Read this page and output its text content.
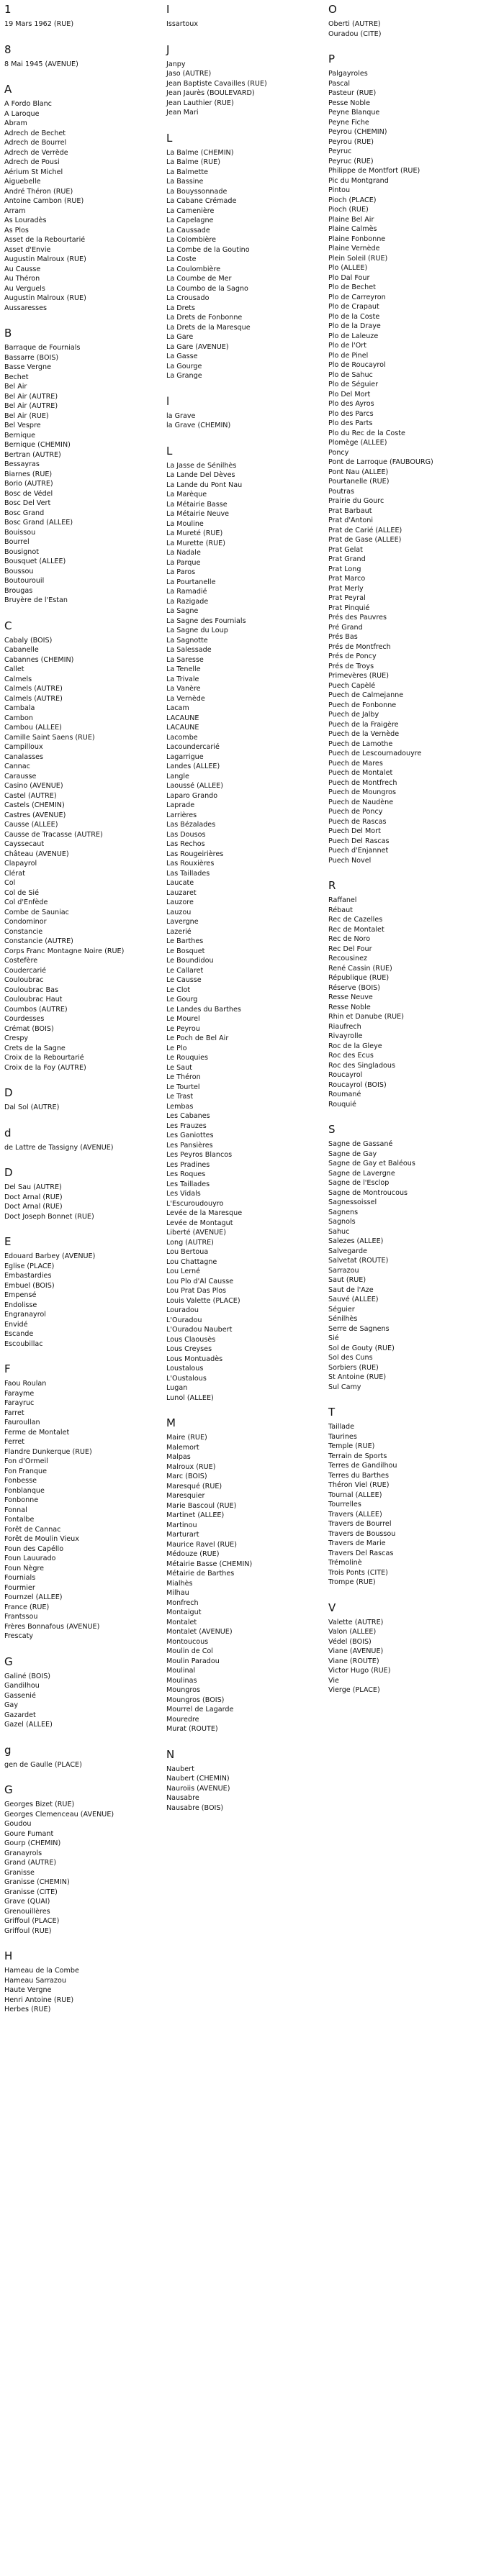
1
19 Mars 1962 (RUE)
8
8 Mai 1945 (AVENUE)
A
A Fordo Blanc
A Laroque
Abram
Adrech de Bechet
Adrech de Bourrel
Adrech de Verrède
Adrech de Pousi
Aérium St Michel
Aiguebelle
André Théron (RUE)
Antoine Cambon (RUE)
Arram
As Louradès
As Plos
Asset de la Rebourtarié
Asset d'Envie
Augustin Malroux (RUE)
Au Causse
Au Théron
Au Verguels
Augustin Malroux (RUE)
Aussaresses
B
Barraque de Fournials
Bassarre (BOIS)
Basse Vergne
Bechet
Bel Air
Bel Air (AUTRE)
Bel Air (AUTRE)
Bel Air (RUE)
Bel Vespre
Bernique
Bernique (CHEMIN)
Bertran (AUTRE)
Bessayras
Biarnes (RUE)
Borio (AUTRE)
Bosc de Védel
Bosc Del Vert
Bosc Grand
Bosc Grand (ALLEE)
Bouissou
Bourrel
Bousignot
Bousquet (ALLEE)
Boussou
Boutourouil
Brougas
Bruyère de l'Estan
C
Cabaly (BOIS)
Cabanelle
Cabannes (CHEMIN)
Callet
Calmels
Calmels (AUTRE)
Calmels (AUTRE)
Cambala
Cambon
Cambou (ALLEE)
Camille Saint Saens (RUE)
Campilloux
Canalasses
Cannac
Carausse
Casino (AVENUE)
Castel (AUTRE)
Castels (CHEMIN)
Castres (AVENUE)
Causse (ALLEE)
Causse de Tracasse (AUTRE)
Cayssecaut
Château (AVENUE)
Clapayrol
Clérat
Col
Col de Sié
Col d'Enfède
Combe de Sauniac
Condominor
Constancie
Constancie (AUTRE)
Corps Franc Montagne Noire (RUE)
Costefère
Coudercarié
Couloubrac
Couloubrac Bas
Couloubrac Haut
Coumbos (AUTRE)
Courdesses
Crémat (BOIS)
Crespy
Crets de la Sagne
Croix de la Rebourtarié
Croix de la Foy (AUTRE)
D
Dal Sol (AUTRE)
d
de Lattre de Tassigny (AVENUE)
D
Del Sau (AUTRE)
Doct Arnal (RUE)
Doct Arnal (RUE)
Doct Joseph Bonnet (RUE)
E
Edouard Barbey (AVENUE)
Eglise (PLACE)
Embastardies
Embuel (BOIS)
Empensé
Endolisse
Engranayrol
Envidé
Escande
Escoubillac
F
Faou Roulan
Farayme
Farayruc
Farret
Fauroullan
Ferme de Montalet
Ferret
Flandre Dunkerque (RUE)
Fon d'Ormeil
Fon Franque
Fonbesse
Fonblanque
Fonbonne
Fonnal
Fontalbe
Forêt de Cannac
Forêt de Moulin Vieux
Foun des Capéllo
Foun Lauurado
Foun Nègre
Fournials
Fourmier
Fournzel (ALLEE)
France (RUE)
Frantssou
Frères Bonnafous (AVENUE)
Frescaty
G
Galiné (BOIS)
Gandilhou
Gassenié
Gay
Gazardet
Gazel (ALLEE)
g
gen de Gaulle (PLACE)
G
Georges Bizet (RUE)
Georges Clemenceau (AVENUE)
Goudou
Goure Fumant
Gourp (CHEMIN)
Granayrols
Grand (AUTRE)
Granisse
Granisse (CHEMIN)
Granisse (CITE)
Grave (QUAI)
Grenouillères
Griffoul (PLACE)
Griffoul (RUE)
H
Hameau de la Combe
Hameau Sarrazou
Haute Vergne
Henri Antoine (RUE)
Herbes (RUE)
I
Issartoux
J
Janpy
Jaso (AUTRE)
Jean Baptiste Cavailles (RUE)
Jean Jaurès (BOULEVARD)
Jean Lauthier (RUE)
Jean Mari
L
La Balme (CHEMIN)
La Balme (RUE)
La Balmette
La Bassine
La Bouyssonnade
La Cabane Crémade
La Camenière
La Capelagne
La Caussade
La Colombière
La Combe de la Goutino
La Coste
La Coulombière
La Coumbe de Mer
La Coumbo de la Sagno
La Crousado
La Drets
La Drets de Fonbonne
La Drets de la Maresque
La Gare
La Gare (AVENUE)
La Gasse
La Gourge
La Grange
l
la Grave
la Grave (CHEMIN)
L
La Jasse de Sénilhès
La Lande Del Dèves
La Lande du Pont Nau
La Marèque
La Métairie Basse
La Métairie Neuve
La Mouline
La Mureté (RUE)
La Murette (RUE)
La Nadale
La Parque
La Paros
La Pourtanelle
La Ramadié
La Razigade
La Sagne
La Sagne des Fournials
La Sagne du Loup
La Sagnotte
La Salessade
La Saresse
La Tenelle
La Trivale
La Vanère
La Vernède
Lacam
LACAUNE
LACAUNE
Lacombe
Lacoundercarié
Lagarrigue
Landes (ALLEE)
Langle
Laoussé (ALLEE)
Laparo Grando
Laprade
Larrières
Las Bézalades
Las Dousos
Las Rechos
Las Rougeirières
Las Rouxières
Las Taillades
Laucate
Lauzaret
Lauzore
Lauzou
Lavergne
Lazerié
Le Barthes
Le Bosquet
Le Boundidou
Le Callaret
Le Causse
Le Clot
Le Gourg
Le Landes du Barthes
Le Mourel
Le Peyrou
Le Poch de Bel Air
Le Plo
Le Rouquies
Le Saut
Le Théron
Le Tourtel
Le Trast
Lembas
Les Cabanes
Les Frauzes
Les Ganiottes
Les Pansières
Les Peyros Blancos
Les Pradines
Les Roques
Les Taillades
Les Vidals
L'Escuroudouyro
Levée de la Maresque
Levée de Montagut
Liberté (AVENUE)
Long (AUTRE)
Lou Bertoua
Lou Chattagne
Lou Lerné
Lou Plo d'Al Causse
Lou Prat Das Plos
Louis Valette (PLACE)
Louradou
L'Ouradou
L'Ouradou Naubert
Lous Claousès
Lous Creyses
Lous Montuadès
Loustalous
L'Oustalous
Lugan
Lunol (ALLEE)
M
Maire (RUE)
Malemort
Malpas
Malroux (RUE)
Marc (BOIS)
Maresqué (RUE)
Maresquier
Marie Bascoul (RUE)
Martinet (ALLEE)
Martinou
Marturart
Maurice Ravel (RUE)
Médouze (RUE)
Métairie Basse (CHEMIN)
Métairie de Barthes
Mialhès
Milhau
Monfrech
Montaigut
Montalet
Montalet (AVENUE)
Montoucous
Moulin de Col
Moulin Paradou
Moulinal
Moulinas
Moungros
Moungros (BOIS)
Mourrel de Lagarde
Mouredre
Murat (ROUTE)
N
Naubert
Naubert (CHEMIN)
Nauroiis (AVENUE)
Nausabre
Nausabre (BOIS)
O
Oberti (AUTRE)
Ouradou (CITE)
P
Palgayroles
Pascal
Pasteur (RUE)
Pesse Noble
Peyne Blanque
Peyne Fiche
Peyrou (CHEMIN)
Peyrou (RUE)
Peyruc
Peyruc (RUE)
Philippe de Montfort (RUE)
Pic du Montgrand
Pintou
Pioch (PLACE)
Pioch (RUE)
Plaine Bel Air
Plaine Calmès
Plaine Fonbonne
Plaine Vernède
Plein Soleil (RUE)
Plo (ALLEE)
Plo Dal Four
Plo de Bechet
Plo de Carreyron
Plo de Crapaut
Plo de la Coste
Plo de la Draye
Plo de Laleuze
Plo de l'Ort
Plo de Pinel
Plo de Roucayrol
Plo de Sahuc
Plo de Séguier
Plo Del Mort
Plo des Ayros
Plo des Parcs
Plo des Parts
Plo du Rec de la Coste
Plomège (ALLEE)
Poncy
Pont de Larroque (FAUBOURG)
Pont Nau (ALLEE)
Pourtanelle (RUE)
Poutras
Prairie du Gourc
Prat Barbaut
Prat d'Antoni
Prat de Carié (ALLEE)
Prat de Gase (ALLEE)
Prat Gelat
Prat Grand
Prat Long
Prat Marco
Prat Merly
Prat Peyral
Prat Pinquié
Prés des Pauvres
Pré Grand
Prés Bas
Prés de Montfrech
Prés de Poncy
Prés de Troys
Primevères (RUE)
Puech Capèlé
Puech de Calmejanne
Puech de Fonbonne
Puech de Jalby
Puech de la Fraigère
Puech de la Vernède
Puech de Lamothe
Puech de Lescournadouyre
Puech de Mares
Puech de Montalet
Puech de Montfrech
Puech de Moungros
Puech de Naudène
Puech de Poncy
Puech de Rascas
Puech Del Mort
Puech Del Rascas
Puech d'Enjannet
Puech Novel
R
Raffanel
Rébaut
Rec de Cazelles
Rec de Montalet
Rec de Noro
Rec Del Four
Recousinez
René Cassin (RUE)
République (RUE)
Réserve (BOIS)
Resse Neuve
Resse Noble
Rhin et Danube (RUE)
Riaufrech
Rivayrolle
Roc de la Gleye
Roc des Ecus
Roc des Singladous
Roucayrol
Roucayrol (BOIS)
Roumané
Rouquié
S
Sagne de Gassané
Sagne de Gay
Sagne de Gay et Baléous
Sagne de Lavergne
Sagne de l'Esclop
Sagne de Montroucous
Sagnessoissel
Sagnens
Sagnols
Sahuc
Salezes (ALLEE)
Salvegarde
Salvetat (ROUTE)
Sarrazou
Saut (RUE)
Saut de l'Aze
Sauvé (ALLEE)
Séguier
Sénilhès
Serre de Sagnens
Sié
Sol de Gouty (RUE)
Sol des Cuns
Sorbiers (RUE)
St Antoine (RUE)
Sul Camy
T
Taillade
Taurines
Temple (RUE)
Terrain de Sports
Terres de Gandilhou
Terres du Barthes
Théron Viel (RUE)
Tournal (ALLEE)
Tourrelles
Travers (ALLEE)
Travers de Bourrel
Travers de Boussou
Travers de Marie
Travers Del Rascas
Trémolinè
Trois Ponts (CITE)
Trompe (RUE)
V
Valette (AUTRE)
Valon (ALLEE)
Védel (BOIS)
Viane (AVENUE)
Viane (ROUTE)
Victor Hugo (RUE)
Vie
Vierge (PLACE)
